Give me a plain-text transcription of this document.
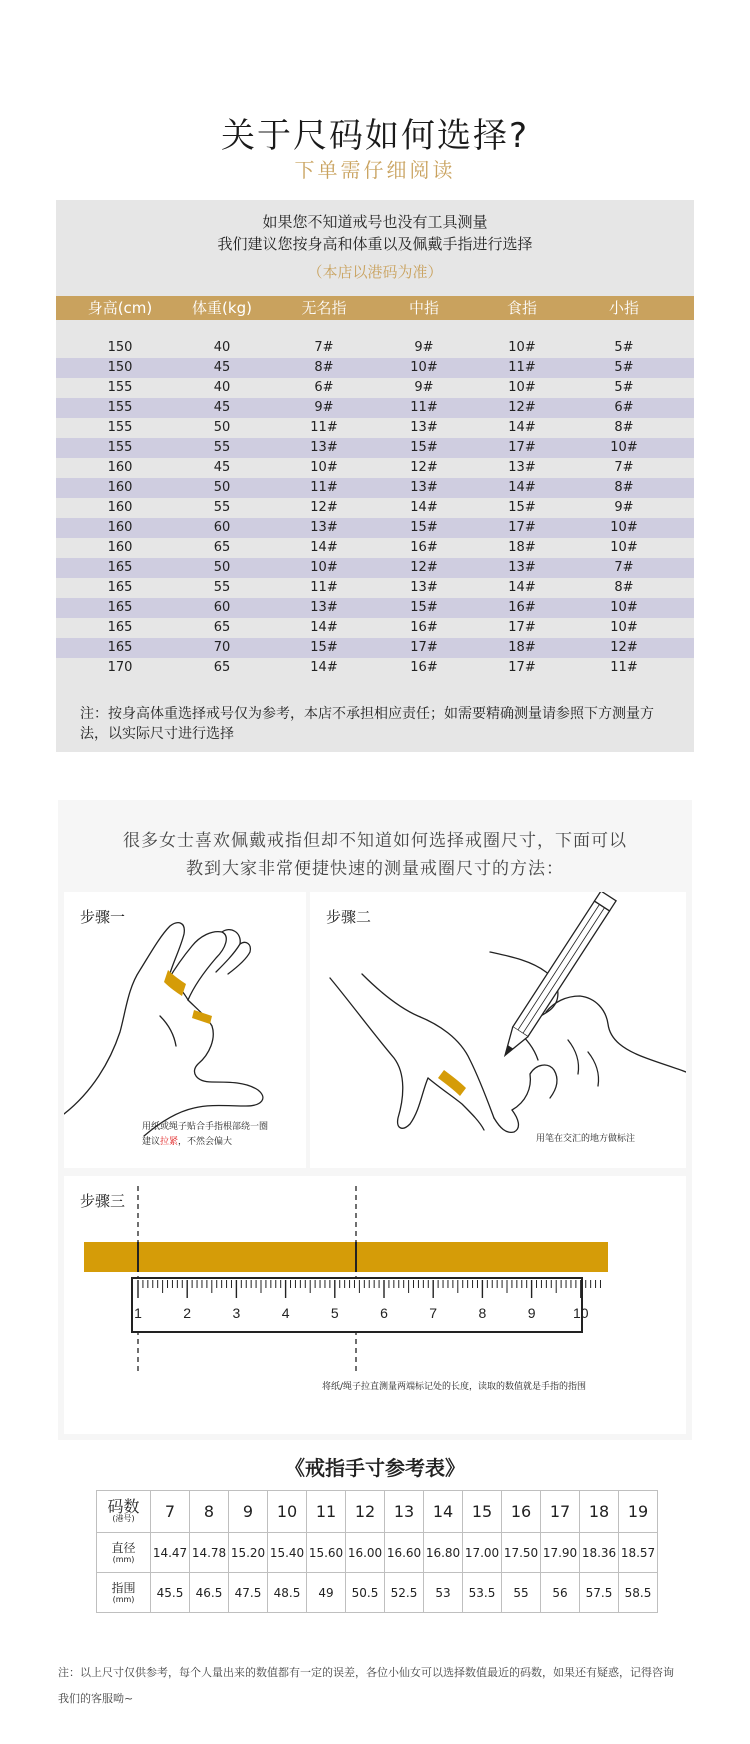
关于尺码如何选择?
下单需仔细阅读
如果您不知道戒号也没有工具测量
我们建议您按身高和体重以及佩戴手指进行选择
（本店以港码为准）
身高(cm)	体重(kg)	无名指	中指	食指	小指
150	40	7#	9#	10#	5#
150	45	8#	10#	11#	5#
155	40	6#	9#	10#	5#
155	45	9#	11#	12#	6#
155	50	11#	13#	14#	8#
155	55	13#	15#	17#	10#
160	45	10#	12#	13#	7#
160	50	11#	13#	14#	8#
160	55	12#	14#	15#	9#
160	60	13#	15#	17#	10#
160	65	14#	16#	18#	10#
165	50	10#	12#	13#	7#
165	55	11#	13#	14#	8#
165	60	13#	15#	16#	10#
165	65	14#	16#	17#	10#
165	70	15#	17#	18#	12#
170	65	14#	16#	17#	11#
注：按身高体重选择戒号仅为参考，本店不承担相应责任；如需要精确测量请参照下方测量方法，以实际尺寸进行选择
很多女士喜欢佩戴戒指但却不知道如何选择戒圈尺寸，下面可以
教到大家非常便捷快速的测量戒圈尺寸的方法：
步骤一
用纸或绳子贴合手指根部绕一圈
建议拉紧，不然会偏大
步骤二
用笔在交汇的地方做标注
1	2	3	4	5	6	7	8	9	10
步骤三
将纸/绳子拉直测量两端标记处的长度，读取的数值就是手指的指围
《戒指手寸参考表》
码数
(港号)	7	8	9	10	11	12	13	14	15	16	17	18	19
直径
(mm)	14.47	14.78	15.20	15.40	15.60	16.00	16.60	16.80	17.00	17.50	17.90	18.36	18.57
指围
(mm)	45.5	46.5	47.5	48.5	49	50.5	52.5	53	53.5	55	56	57.5	58.5
注：以上尺寸仅供参考，每个人量出来的数值都有一定的误差，各位小仙女可以选择数值最近的码数，如果还有疑惑，记得咨询我们的客服呦~
